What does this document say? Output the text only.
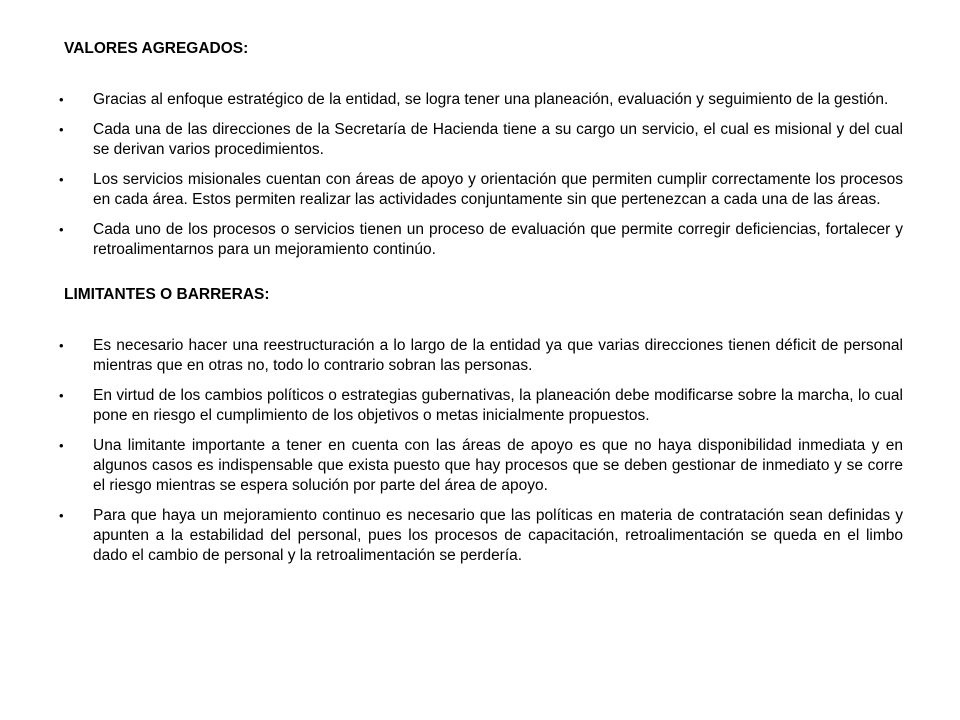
VALORES AGREGADOS:

• Gracias al enfoque estratégico de la entidad, se logra tener una planeación, evaluación y seguimiento de la gestión.
• Cada una de las direcciones de la Secretaría de Hacienda tiene a su cargo un servicio, el cual es misional y del cual se derivan varios procedimientos.
• Los servicios misionales cuentan con áreas de apoyo y orientación que permiten cumplir correctamente los procesos en cada área. Estos permiten realizar las actividades conjuntamente sin que pertenezcan a cada una de las áreas.
• Cada uno de los procesos o servicios tienen un proceso de evaluación que permite corregir deficiencias, fortalecer y retroalimentarnos para un mejoramiento continúo.

LIMITANTES O BARRERAS:

• Es necesario hacer una reestructuración a lo largo de la entidad ya que varias direcciones tienen déficit de personal mientras que en otras no, todo lo contrario sobran las personas.
• En virtud de los cambios políticos o estrategias gubernativas, la planeación debe modificarse sobre la marcha, lo cual pone en riesgo el cumplimiento de los objetivos o metas inicialmente propuestos.
• Una limitante importante a tener en cuenta con las áreas de apoyo es que no haya disponibilidad inmediata y en algunos casos es indispensable que exista puesto que hay procesos que se deben gestionar de inmediato y se corre el riesgo mientras se espera solución por parte del área de apoyo.
• Para que haya un mejoramiento continuo es necesario que las políticas en materia de contratación sean definidas y apunten a la estabilidad del personal, pues los procesos de capacitación, retroalimentación se queda en el limbo dado el cambio de personal y la retroalimentación se perdería.
